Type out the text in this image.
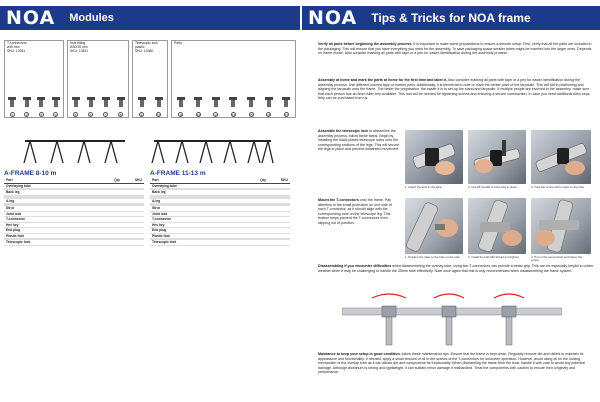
NOA	Modules
T-connectors
ø35 mm
SKU: 10351
1	2	3	4
Noa fitting
Ø30/35 mm
SKU: 10811
5	6	7	8
Telescopic lock
plastic
SKU: 10380
9	10
Parts
11	12	13	14	15	16	17
A-FRAME 8-10 m	A-FRAME 11-13 m
Part	Qty	SKU
Overlaying tube
Back leg
A-leg
Strut
Joint lock
T-connector
Hex key
End plug
Plastic foot
Telescopic lock
Part	Qty	SKU
Overlaying tube
Back leg
A-leg
Strut
Joint lock
T-connector
Hex key
End plug
Plastic foot
Telescopic lock
NOA	Tips & Tricks for NOA frame
Verify all parts before beginning the assembly process. It is important to make some preparations to ensure a smooth setup. First, verify that all the parts are included in the packaging. This will ensure that you have everything you need for the assembly. To save packaging space smaller tubes might be inserted into the larger ones. Depends on frame model. Also consider marking all parts with tape or a pen for easier identification during the assembly process.
Assembly at home and mark the parts at home for the first time and label it. Also consider marking all parts with tape or a pen for easier identification during the assembly process. Use different colored tape or marker pens. Additionally, it is beneficial to note or mark the center point of the tarpaulin. This will aid in positioning and aligning the tarpaulin onto the frame. The better the preparation, the easier it is to set up the stand and tarpaulin. If multiple people are involved in the assembly, make sure that each person has an 8mm Allen key available. This tool will be needed for tightening screws and ensuring a secure construction. In case you need additional Allen keys, they can be purchased from us.
Assemble the telescopic lock to streamline the assembly process, follow these steps. Begin by installing the black plastic telescope locks onto the corresponding sections of the legs. This will secure the legs in place and prevent unwanted movement.
1. Attach the lock to the tube.	2. Use 8K Suutiki to hold tube in place.	3. Tuck the screw with it snap on the tube.
Mount the T-connectors onto the frame. Pay attention to the small protrusion on one side of each T-connector, as it should align with the corresponding hole on the telescope leg. This feature helps prevent the T-connectors from slipping out of position.
1. Position the plate to the hole on the tube.	2. Install the ball with thread and tighten.	3. Put on the second bolt and fasten the screw.
Disassembling If you encounter difficulties when disassembling the overlay tube, using two T-connectors can provide a better grip. This can be especially helpful in colder weather when it may be challenging to handle the 35mm tube effectively. Note once again that this is only recommended when disassembling the frame system.
Maintance to keep your setup in good condition, follow these maintenance tips. Ensure that the frame is kept clean. Regularly remove dirt and debris to maintain its appearance and functionality. If needed, apply a small amount of oil to the screws of the T-connectors for smoother operation. However, avoid using oil on the locking mechanism of the overlay tube as it can attract dirt and compromise its functionality. When dismantling the frame from the boat, handle it with care to avoid any potential damage. Although aluminum is strong and lightweight, it can sustain minor damage if mishandled. Treat the components with caution to ensure their longevity and performance.
